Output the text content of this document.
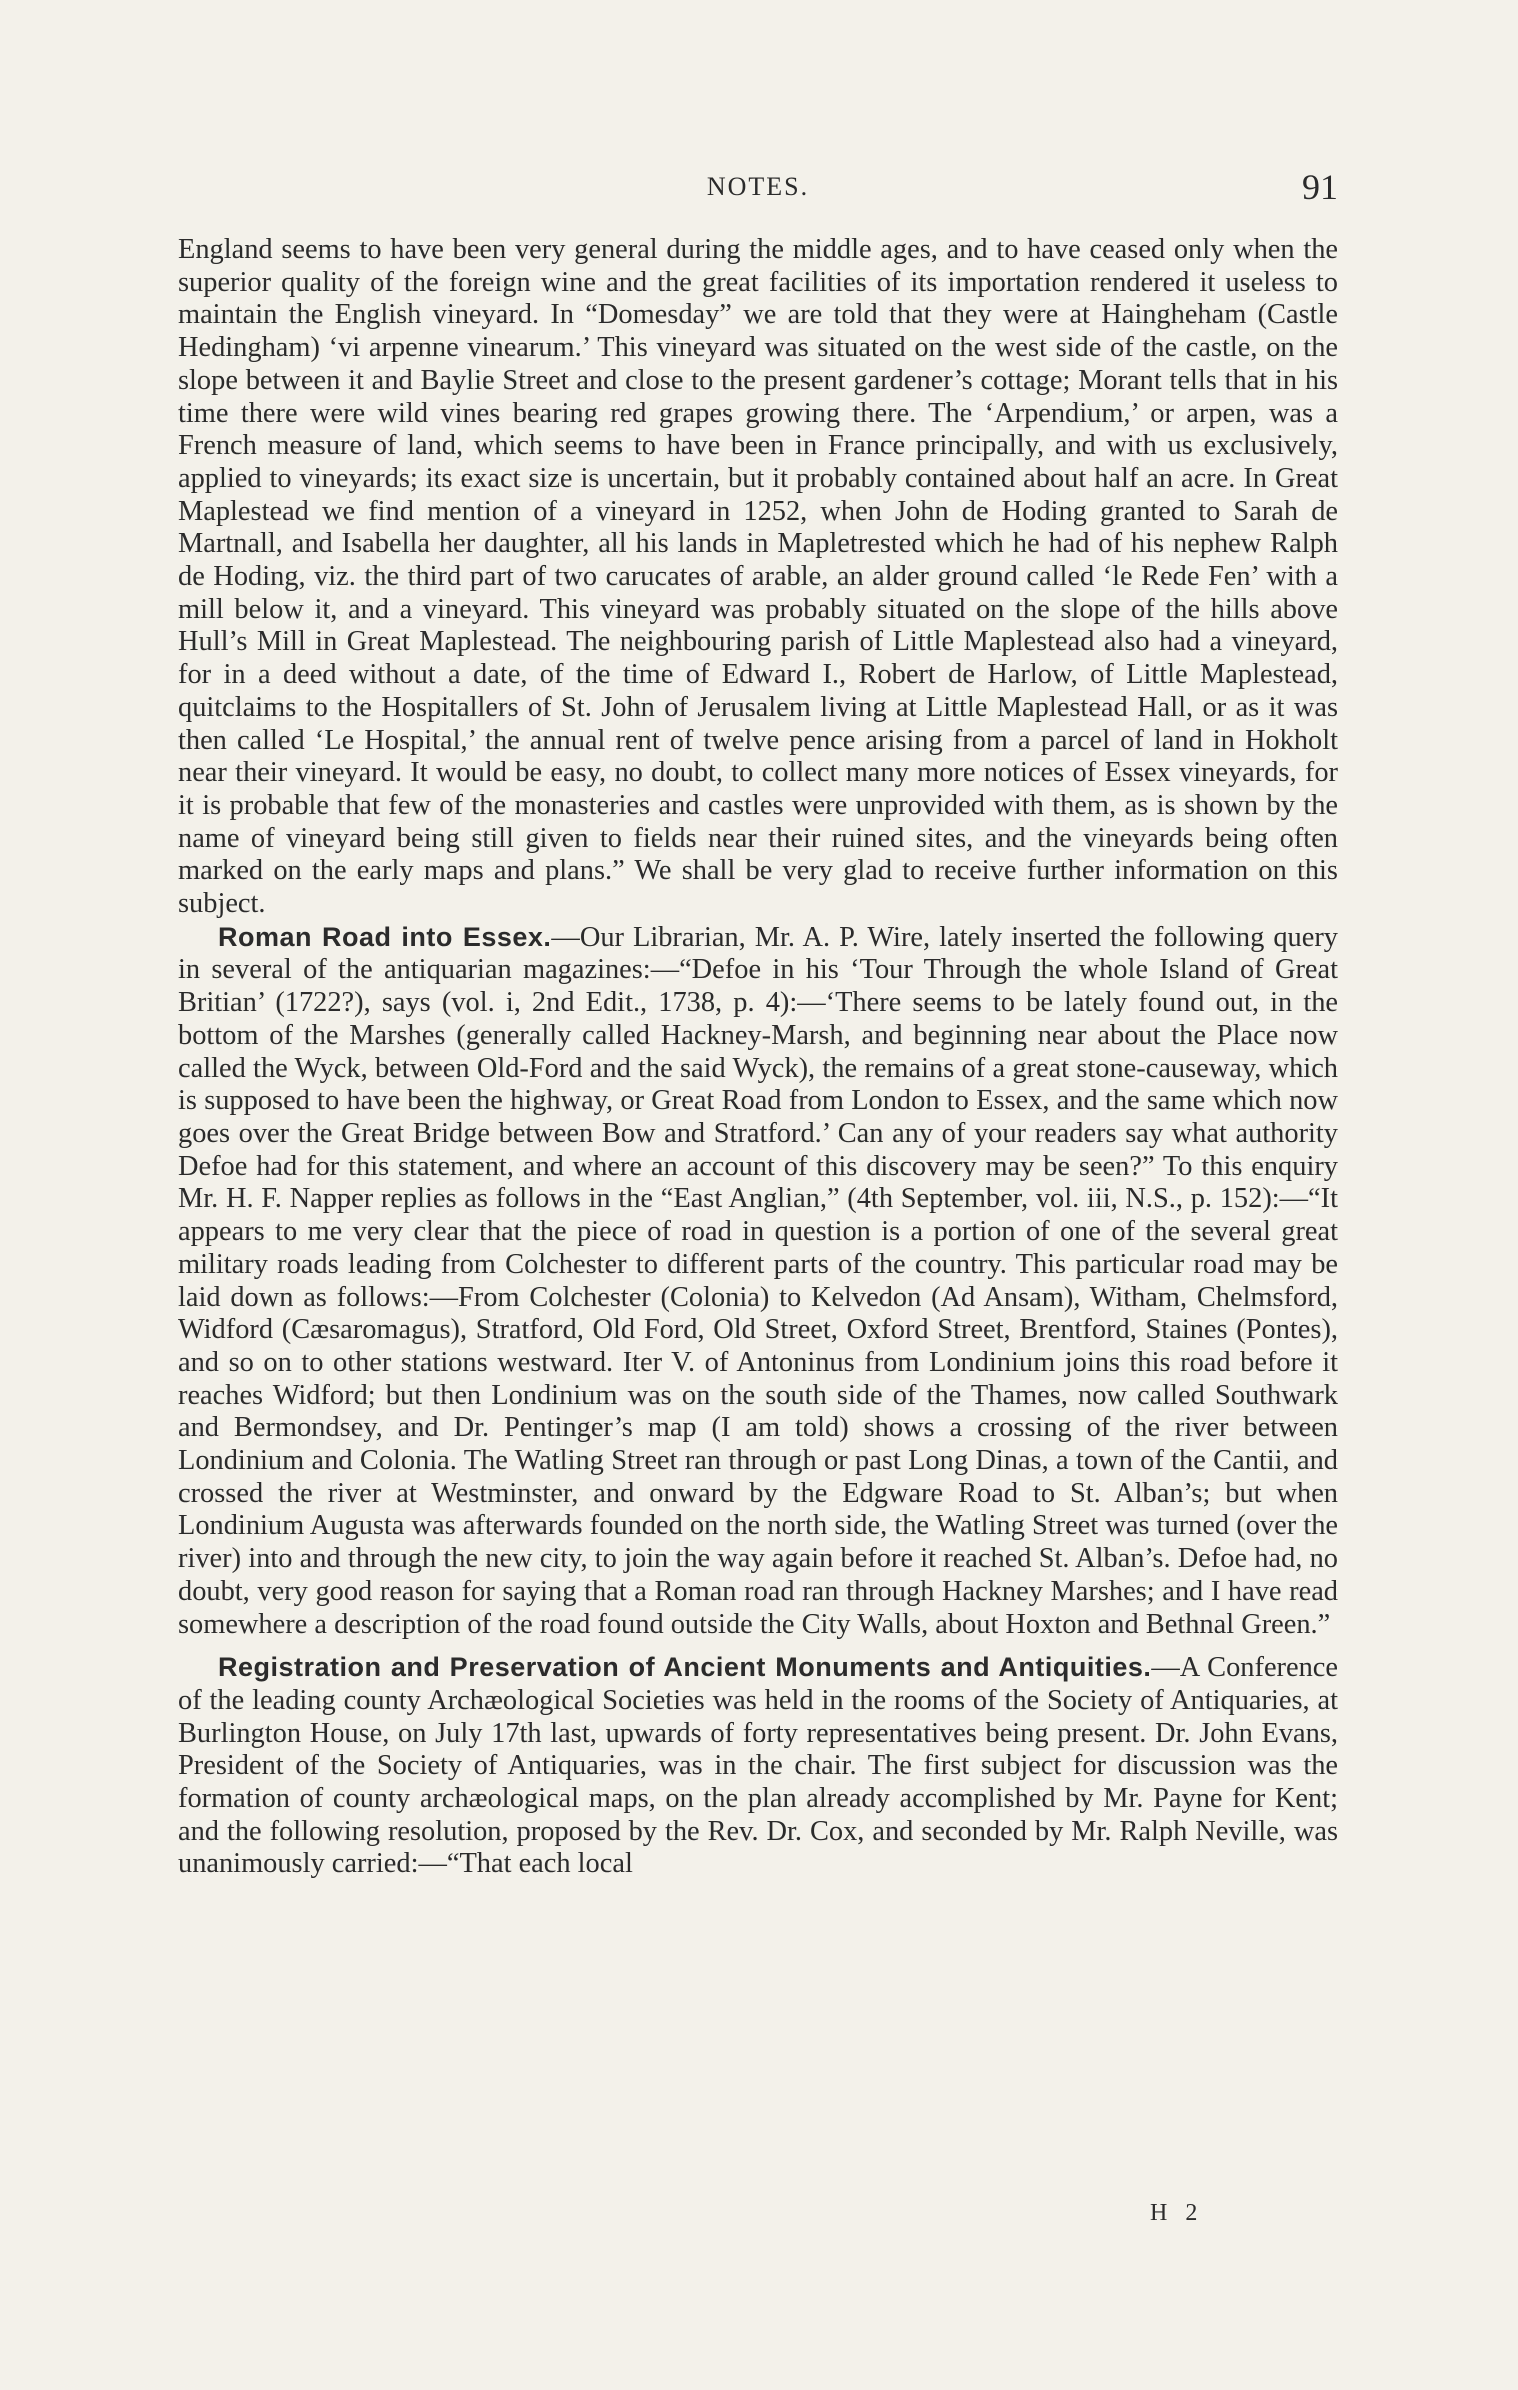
NOTES.	91

England seems to have been very general during the middle ages, and to have ceased only when the superior quality of the foreign wine and the great facilities of its importation rendered it useless to maintain the English vineyard. In “Domesday” we are told that they were at Haingheham (Castle Hedingham) ‘vi arpenne vinearum.’ This vineyard was situated on the west side of the castle, on the slope between it and Baylie Street and close to the present gardener’s cottage; Morant tells that in his time there were wild vines bearing red grapes growing there. The ‘Arpendium,’ or arpen, was a French measure of land, which seems to have been in France principally, and with us exclusively, applied to vineyards; its exact size is uncertain, but it probably contained about half an acre. In Great Maplestead we find mention of a vineyard in 1252, when John de Hoding granted to Sarah de Martnall, and Isabella her daughter, all his lands in Mapletrested which he had of his nephew Ralph de Hoding, viz. the third part of two carucates of arable, an alder ground called ‘le Rede Fen’ with a mill below it, and a vineyard. This vineyard was probably situated on the slope of the hills above Hull’s Mill in Great Maplestead. The neighbouring parish of Little Maplestead also had a vineyard, for in a deed without a date, of the time of Edward I., Robert de Harlow, of Little Maplestead, quitclaims to the Hospitallers of St. John of Jerusalem living at Little Maplestead Hall, or as it was then called ‘Le Hospital,’ the annual rent of twelve pence arising from a parcel of land in Hokholt near their vineyard. It would be easy, no doubt, to collect many more notices of Essex vineyards, for it is probable that few of the monasteries and castles were unprovided with them, as is shown by the name of vineyard being still given to fields near their ruined sites, and the vineyards being often marked on the early maps and plans.” We shall be very glad to receive further information on this subject.

Roman Road into Essex.—Our Librarian, Mr. A. P. Wire, lately inserted the following query in several of the antiquarian magazines:—“Defoe in his ‘Tour Through the whole Island of Great Britian’ (1722?), says (vol. i, 2nd Edit., 1738, p. 4):—‘There seems to be lately found out, in the bottom of the Marshes (generally called Hackney-Marsh, and beginning near about the Place now called the Wyck, between Old-Ford and the said Wyck), the remains of a great stone-causeway, which is supposed to have been the highway, or Great Road from London to Essex, and the same which now goes over the Great Bridge between Bow and Stratford.’ Can any of your readers say what authority Defoe had for this statement, and where an account of this discovery may be seen?” To this enquiry Mr. H. F. Napper replies as follows in the “East Anglian,” (4th September, vol. iii, N.S., p. 152):—“It appears to me very clear that the piece of road in question is a portion of one of the several great military roads leading from Colchester to different parts of the country. This particular road may be laid down as follows:—From Colchester (Colonia) to Kelvedon (Ad Ansam), Witham, Chelmsford, Widford (Cæsaromagus), Stratford, Old Ford, Old Street, Oxford Street, Brentford, Staines (Pontes), and so on to other stations westward. Iter V. of Antoninus from Londinium joins this road before it reaches Widford; but then Londinium was on the south side of the Thames, now called Southwark and Bermondsey, and Dr. Pentinger’s map (I am told) shows a crossing of the river between Londinium and Colonia. The Watling Street ran through or past Long Dinas, a town of the Cantii, and crossed the river at Westminster, and onward by the Edgware Road to St. Alban’s; but when Londinium Augusta was afterwards founded on the north side, the Watling Street was turned (over the river) into and through the new city, to join the way again before it reached St. Alban’s. Defoe had, no doubt, very good reason for saying that a Roman road ran through Hackney Marshes; and I have read somewhere a description of the road found outside the City Walls, about Hoxton and Bethnal Green.”

Registration and Preservation of Ancient Monuments and Antiquities.—A Conference of the leading county Archæological Societies was held in the rooms of the Society of Antiquaries, at Burlington House, on July 17th last, upwards of forty representatives being present. Dr. John Evans, President of the Society of Antiquaries, was in the chair. The first subject for discussion was the formation of county archæological maps, on the plan already accomplished by Mr. Payne for Kent; and the following resolution, proposed by the Rev. Dr. Cox, and seconded by Mr. Ralph Neville, was unanimously carried:—“That each local

H 2
